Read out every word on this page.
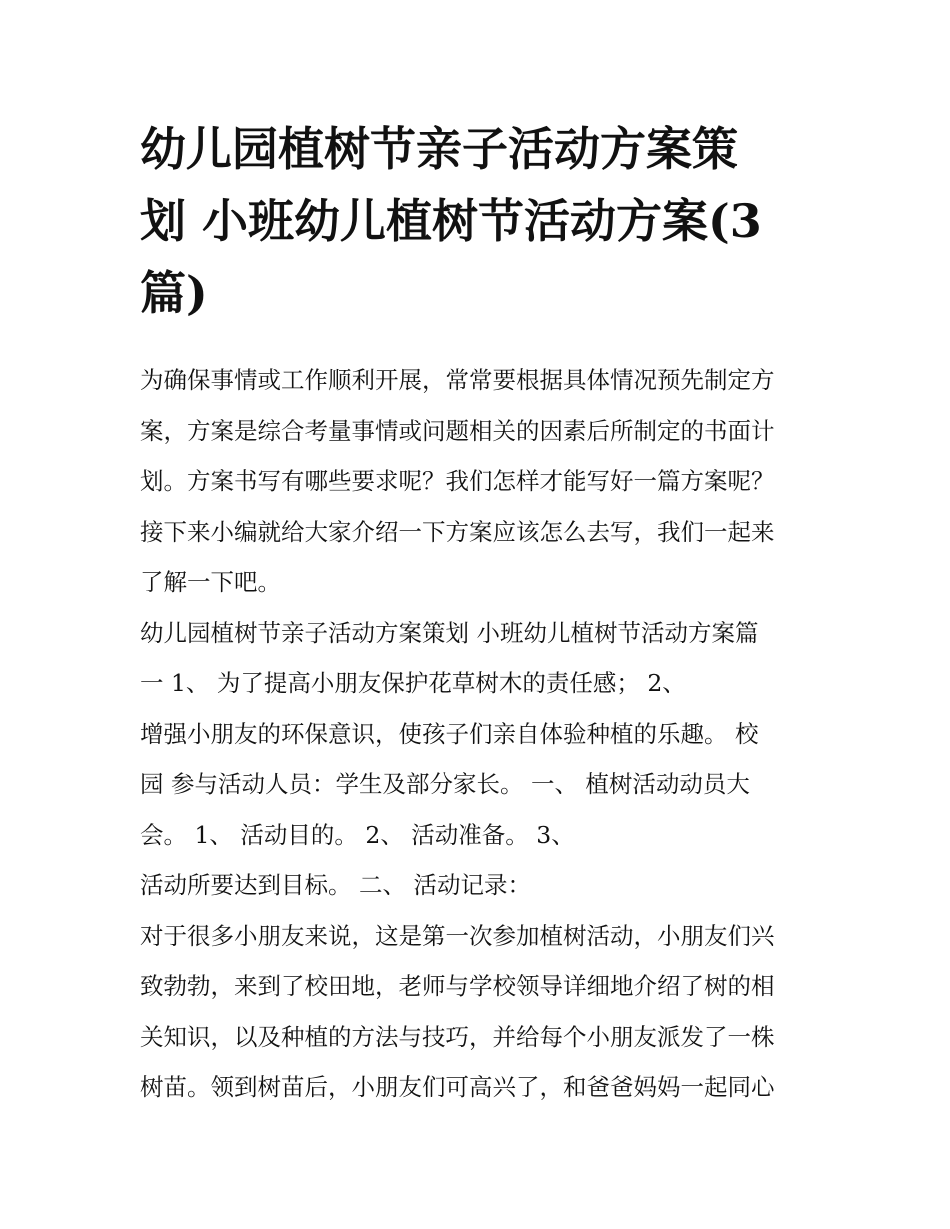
幼儿园植树节亲子活动方案策
划 小班幼儿植树节活动方案(3
篇)
为确保事情或工作顺利开展，常常要根据具体情况预先制定方
案，方案是综合考量事情或问题相关的因素后所制定的书面计
划。方案书写有哪些要求呢？我们怎样才能写好一篇方案呢？
接下来小编就给大家介绍一下方案应该怎么去写，我们一起来
了解一下吧。
幼儿园植树节亲子活动方案策划 小班幼儿植树节活动方案篇
一 1、 为了提高小朋友保护花草树木的责任感； 2、
增强小朋友的环保意识，使孩子们亲自体验种植的乐趣。 校
园 参与活动人员：学生及部分家长。 一、 植树活动动员大
会。 1、 活动目的。 2、 活动准备。 3、
活动所要达到目标。 二、 活动记录：
对于很多小朋友来说，这是第一次参加植树活动，小朋友们兴
致勃勃，来到了校田地，老师与学校领导详细地介绍了树的相
关知识，以及种植的方法与技巧，并给每个小朋友派发了一株
树苗。领到树苗后，小朋友们可高兴了，和爸爸妈妈一起同心
